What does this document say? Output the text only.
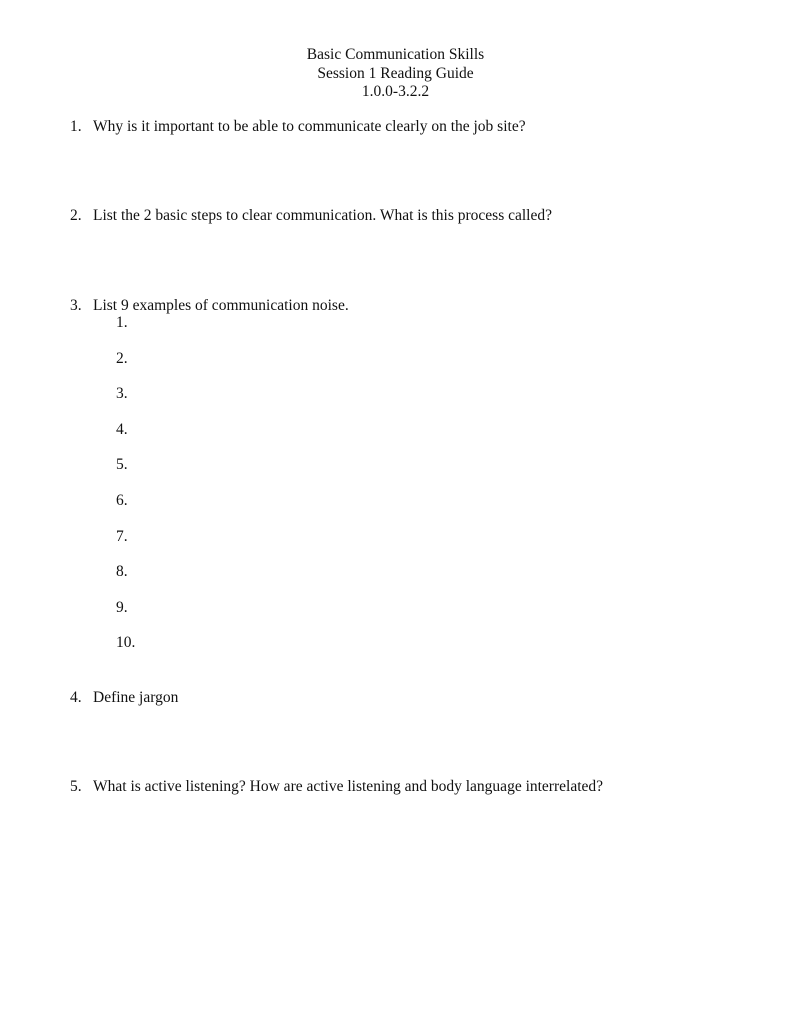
Basic Communication Skills
Session 1 Reading Guide
1.0.0-3.2.2
1. Why is it important to be able to communicate clearly on the job site?
2. List the 2 basic steps to clear communication. What is this process called?
3. List 9 examples of communication noise.
1.
2.
3.
4.
5.
6.
7.
8.
9.
10.
4. Define jargon
5. What is active listening? How are active listening and body language interrelated?
